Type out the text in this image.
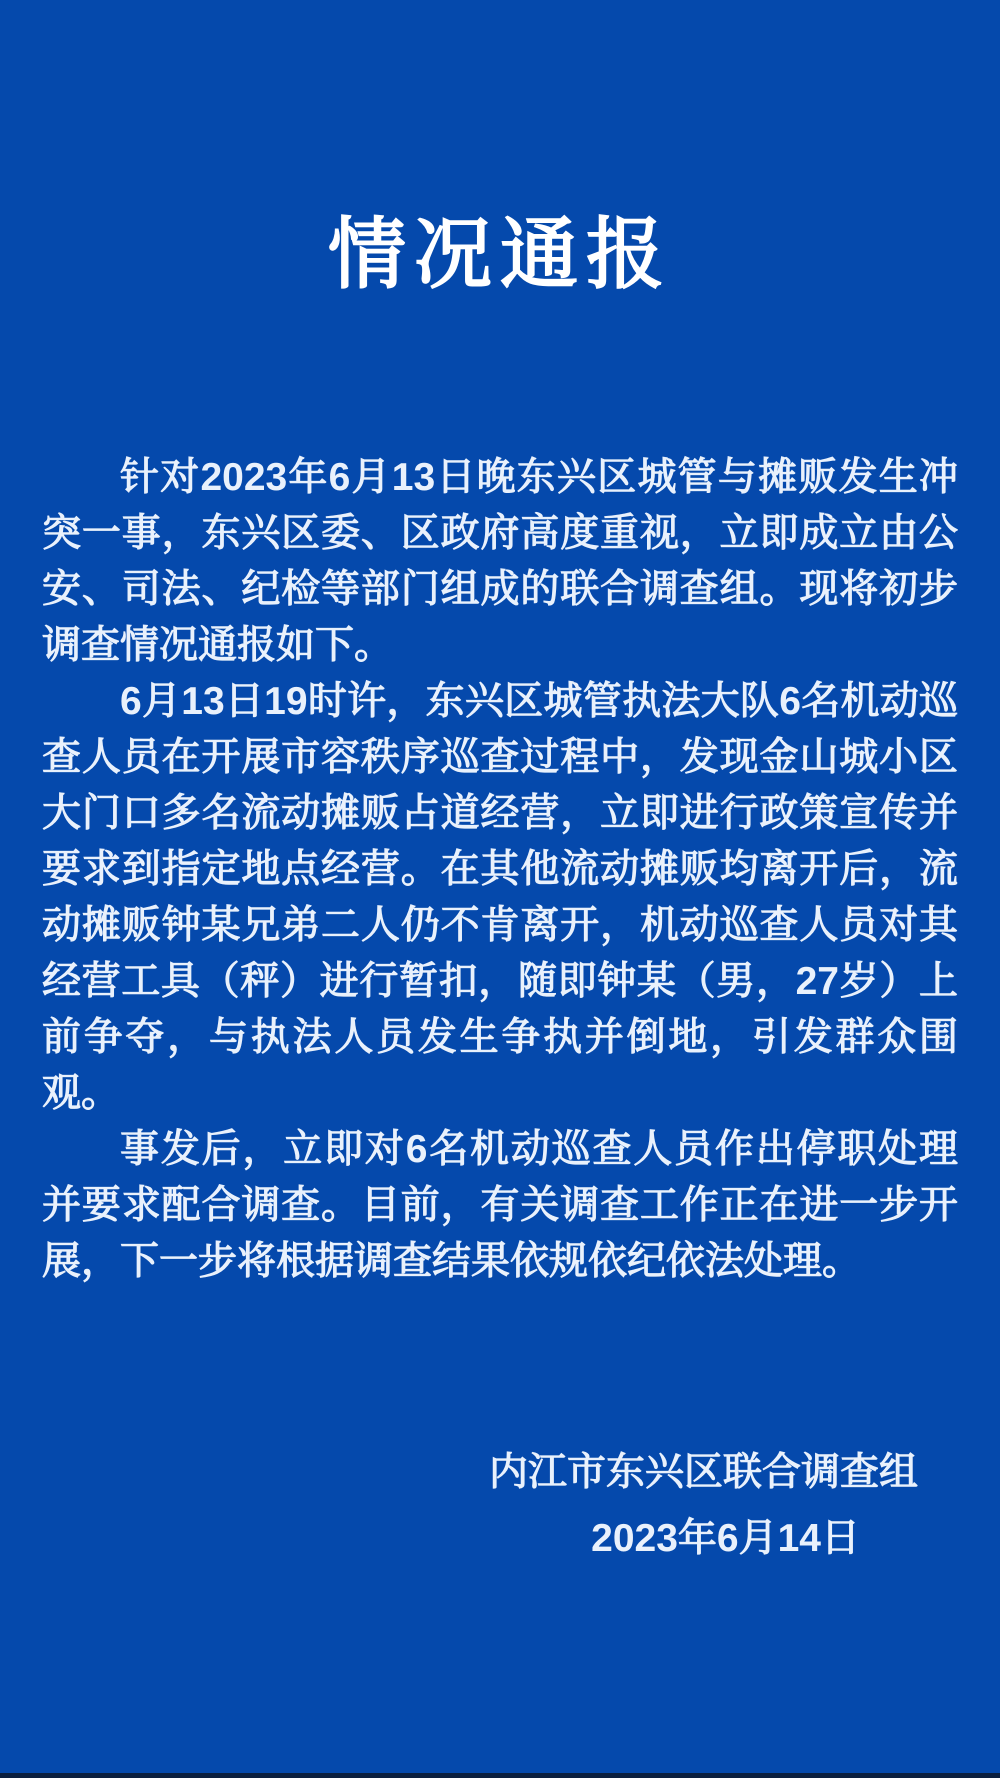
情况通报

针对2023年6月13日晚东兴区城管与摊贩发生冲突一事，东兴区委、区政府高度重视，立即成立由公安、司法、纪检等部门组成的联合调查组。现将初步调查情况通报如下。

6月13日19时许，东兴区城管执法大队6名机动巡查人员在开展市容秩序巡查过程中，发现金山城小区大门口多名流动摊贩占道经营，立即进行政策宣传并要求到指定地点经营。在其他流动摊贩均离开后，流动摊贩钟某兄弟二人仍不肯离开，机动巡查人员对其经营工具（秤）进行暂扣，随即钟某（男，27岁）上前争夺，与执法人员发生争执并倒地，引发群众围观。

事发后，立即对6名机动巡查人员作出停职处理并要求配合调查。目前，有关调查工作正在进一步开展，下一步将根据调查结果依规依纪依法处理。

内江市东兴区联合调查组
2023年6月14日
